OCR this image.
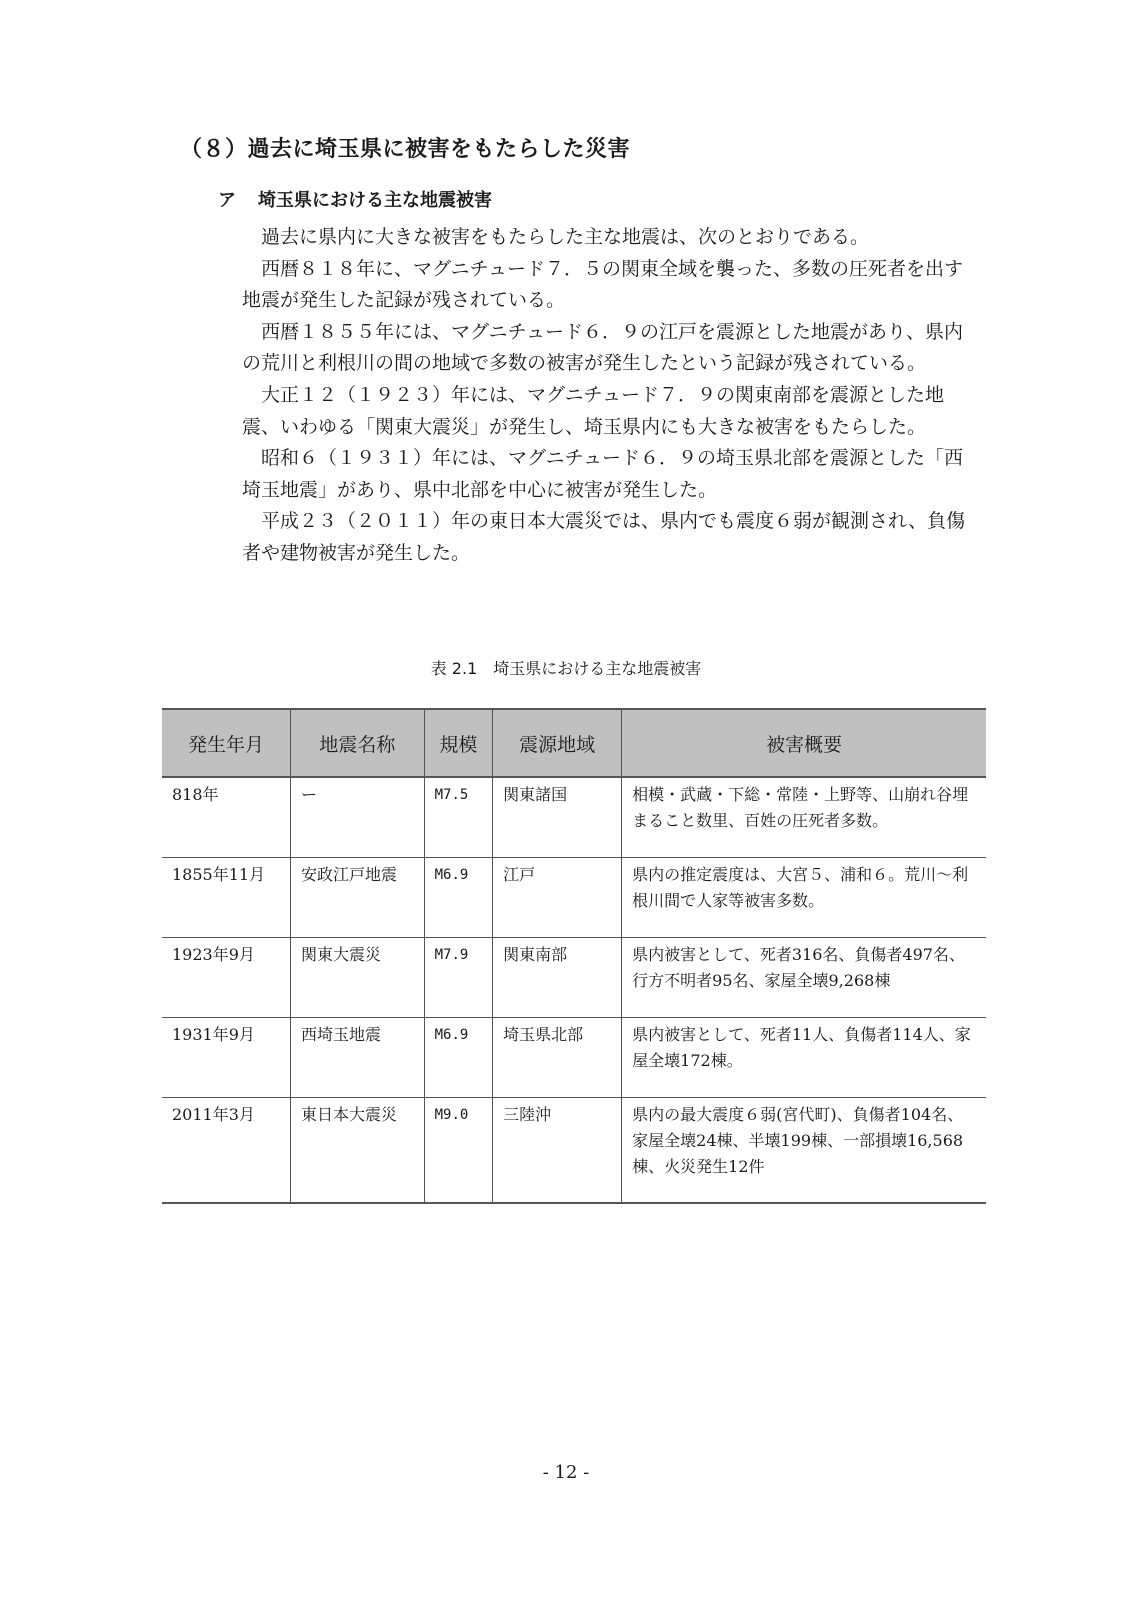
（８）過去に埼玉県に被害をもたらした災害
ア 埼玉県における主な地震被害

過去に県内に大きな被害をもたらした主な地震は、次のとおりである。

西暦８１８年に、マグニチュード７．５の関東全域を襲った、多数の圧死者を出す地震が発生した記録が残されている。

西暦１８５５年には、マグニチュード６．９の江戸を震源とした地震があり、県内の荒川と利根川の間の地域で多数の被害が発生したという記録が残されている。

大正１２（１９２３）年には、マグニチュード７．９の関東南部を震源とした地震、いわゆる「関東大震災」が発生し、埼玉県内にも大きな被害をもたらした。

昭和６（１９３１）年には、マグニチュード６．９の埼玉県北部を震源とした「西埼玉地震」があり、県中北部を中心に被害が発生した。

平成２３（２０１１）年の東日本大震災では、県内でも震度６弱が観測され、負傷者や建物被害が発生した。

表 2.1　埼玉県における主な地震被害
発生年月	地震名称	規模	震源地域	被害概要
818年	ー	M7.5	関東諸国	相模・武蔵・下総・常陸・上野等、山崩れ谷埋まること数里、百姓の圧死者多数。
1855年11月	安政江戸地震	M6.9	江戸	県内の推定震度は、大宮５、浦和６。荒川～利根川間で人家等被害多数。
1923年9月	関東大震災	M7.9	関東南部	県内被害として、死者316名、負傷者497名、行方不明者95名、家屋全壊9,268棟
1931年9月	西埼玉地震	M6.9	埼玉県北部	県内被害として、死者11人、負傷者114人、家屋全壊172棟。
2011年3月	東日本大震災	M9.0	三陸沖	県内の最大震度６弱(宮代町)、負傷者104名、家屋全壊24棟、半壊199棟、一部損壊16,568棟、火災発生12件
- 12 -
